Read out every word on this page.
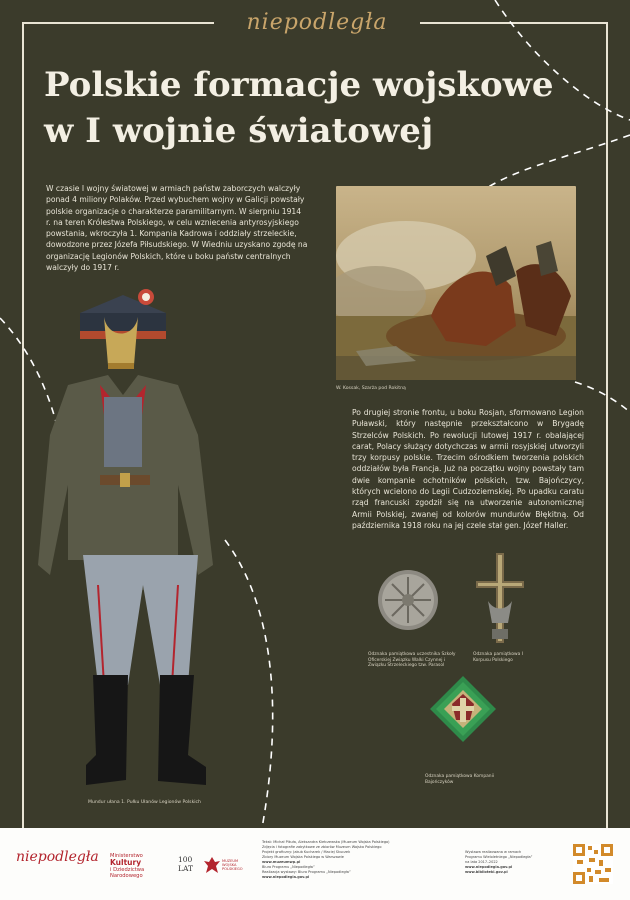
niepodległa
Polskie formacje wojskowe
w I wojnie światowej

W czasie I wojny światowej w armiach państw zaborczych walczyły ponad 4 miliony Polaków. Przed wybuchem wojny w Galicji powstały polskie organizacje o charakterze paramilitarnym. W sierpniu 1914 r. na teren Królestwa Polskiego, w celu wzniecenia antyrosyjskiego powstania, wkroczyła 1. Kompania Kadrowa i oddziały strzeleckie, dowodzone przez Józefa Piłsudskiego. W Wiedniu uzyskano zgodę na organizację Legionów Polskich, które u boku państw centralnych walczyły do 1917 r.

W. Kossak, Szarża pod Rokitną

Po drugiej stronie frontu, u boku Rosjan, sformowano Legion Puławski, który następnie przekształcono w Brygadę Strzelców Polskich. Po rewolucji lutowej 1917 r. obalającej carat, Polacy służący dotychczas w armii rosyjskiej utworzyli trzy korpusy polskie. Trzecim ośrodkiem tworzenia polskich oddziałów była Francja. Już na początku wojny powstały tam dwie kompanie ochotników polskich, tzw. Bajończycy, których wcielono do Legii Cudzoziemskiej. Po upadku caratu rząd francuski zgodził się na utworzenie autonomicznej Armii Polskiej, zwanej od kolorów mundurów Błękitną. Od października 1918 roku na jej czele stał gen. Józef Haller.

Mundur ułana 1. Pułku Ułanów Legionów Polskich
Odznaka pamiątkowa uczestnika Szkoły Oficerskiej Związku Walki Czynnej i Związku Strzeleckiego tzw. Parasol
Odznaka pamiątkowa I Korpusu Polskiego
Odznaka pamiątkowa Kompanii Bajończyków
niepodległa Ministerstwo
Kultury
i Dziedzictwa Narodowego
100
LAT
MUZEUM WOJSKA POLSKIEGO
Tekst: Michał Pikuła, Aleksandra Kiełczewska (Muzeum Wojska Polskiego)
Zdjęcia i fotografie zabytkowe ze zbiorów Muzeum Wojska Polskiego
Projekt graficzny: Jakub Kucharek / Maciej Skuczek
Zbiory Muzeum Wojska Polskiego w Warszawie
www.muzeumwp.pl
Biuro Programu „Niepodległa”
Realizacja wystawy: Biuro Programu „Niepodległa”
www.niepodlegla.gov.pl
Wystawa realizowana w ramach
Programu Wieloletniego „Niepodległa”
na lata 2017–2022
www.niepodlegla.gov.pl
www.biblioteki.gov.pl
